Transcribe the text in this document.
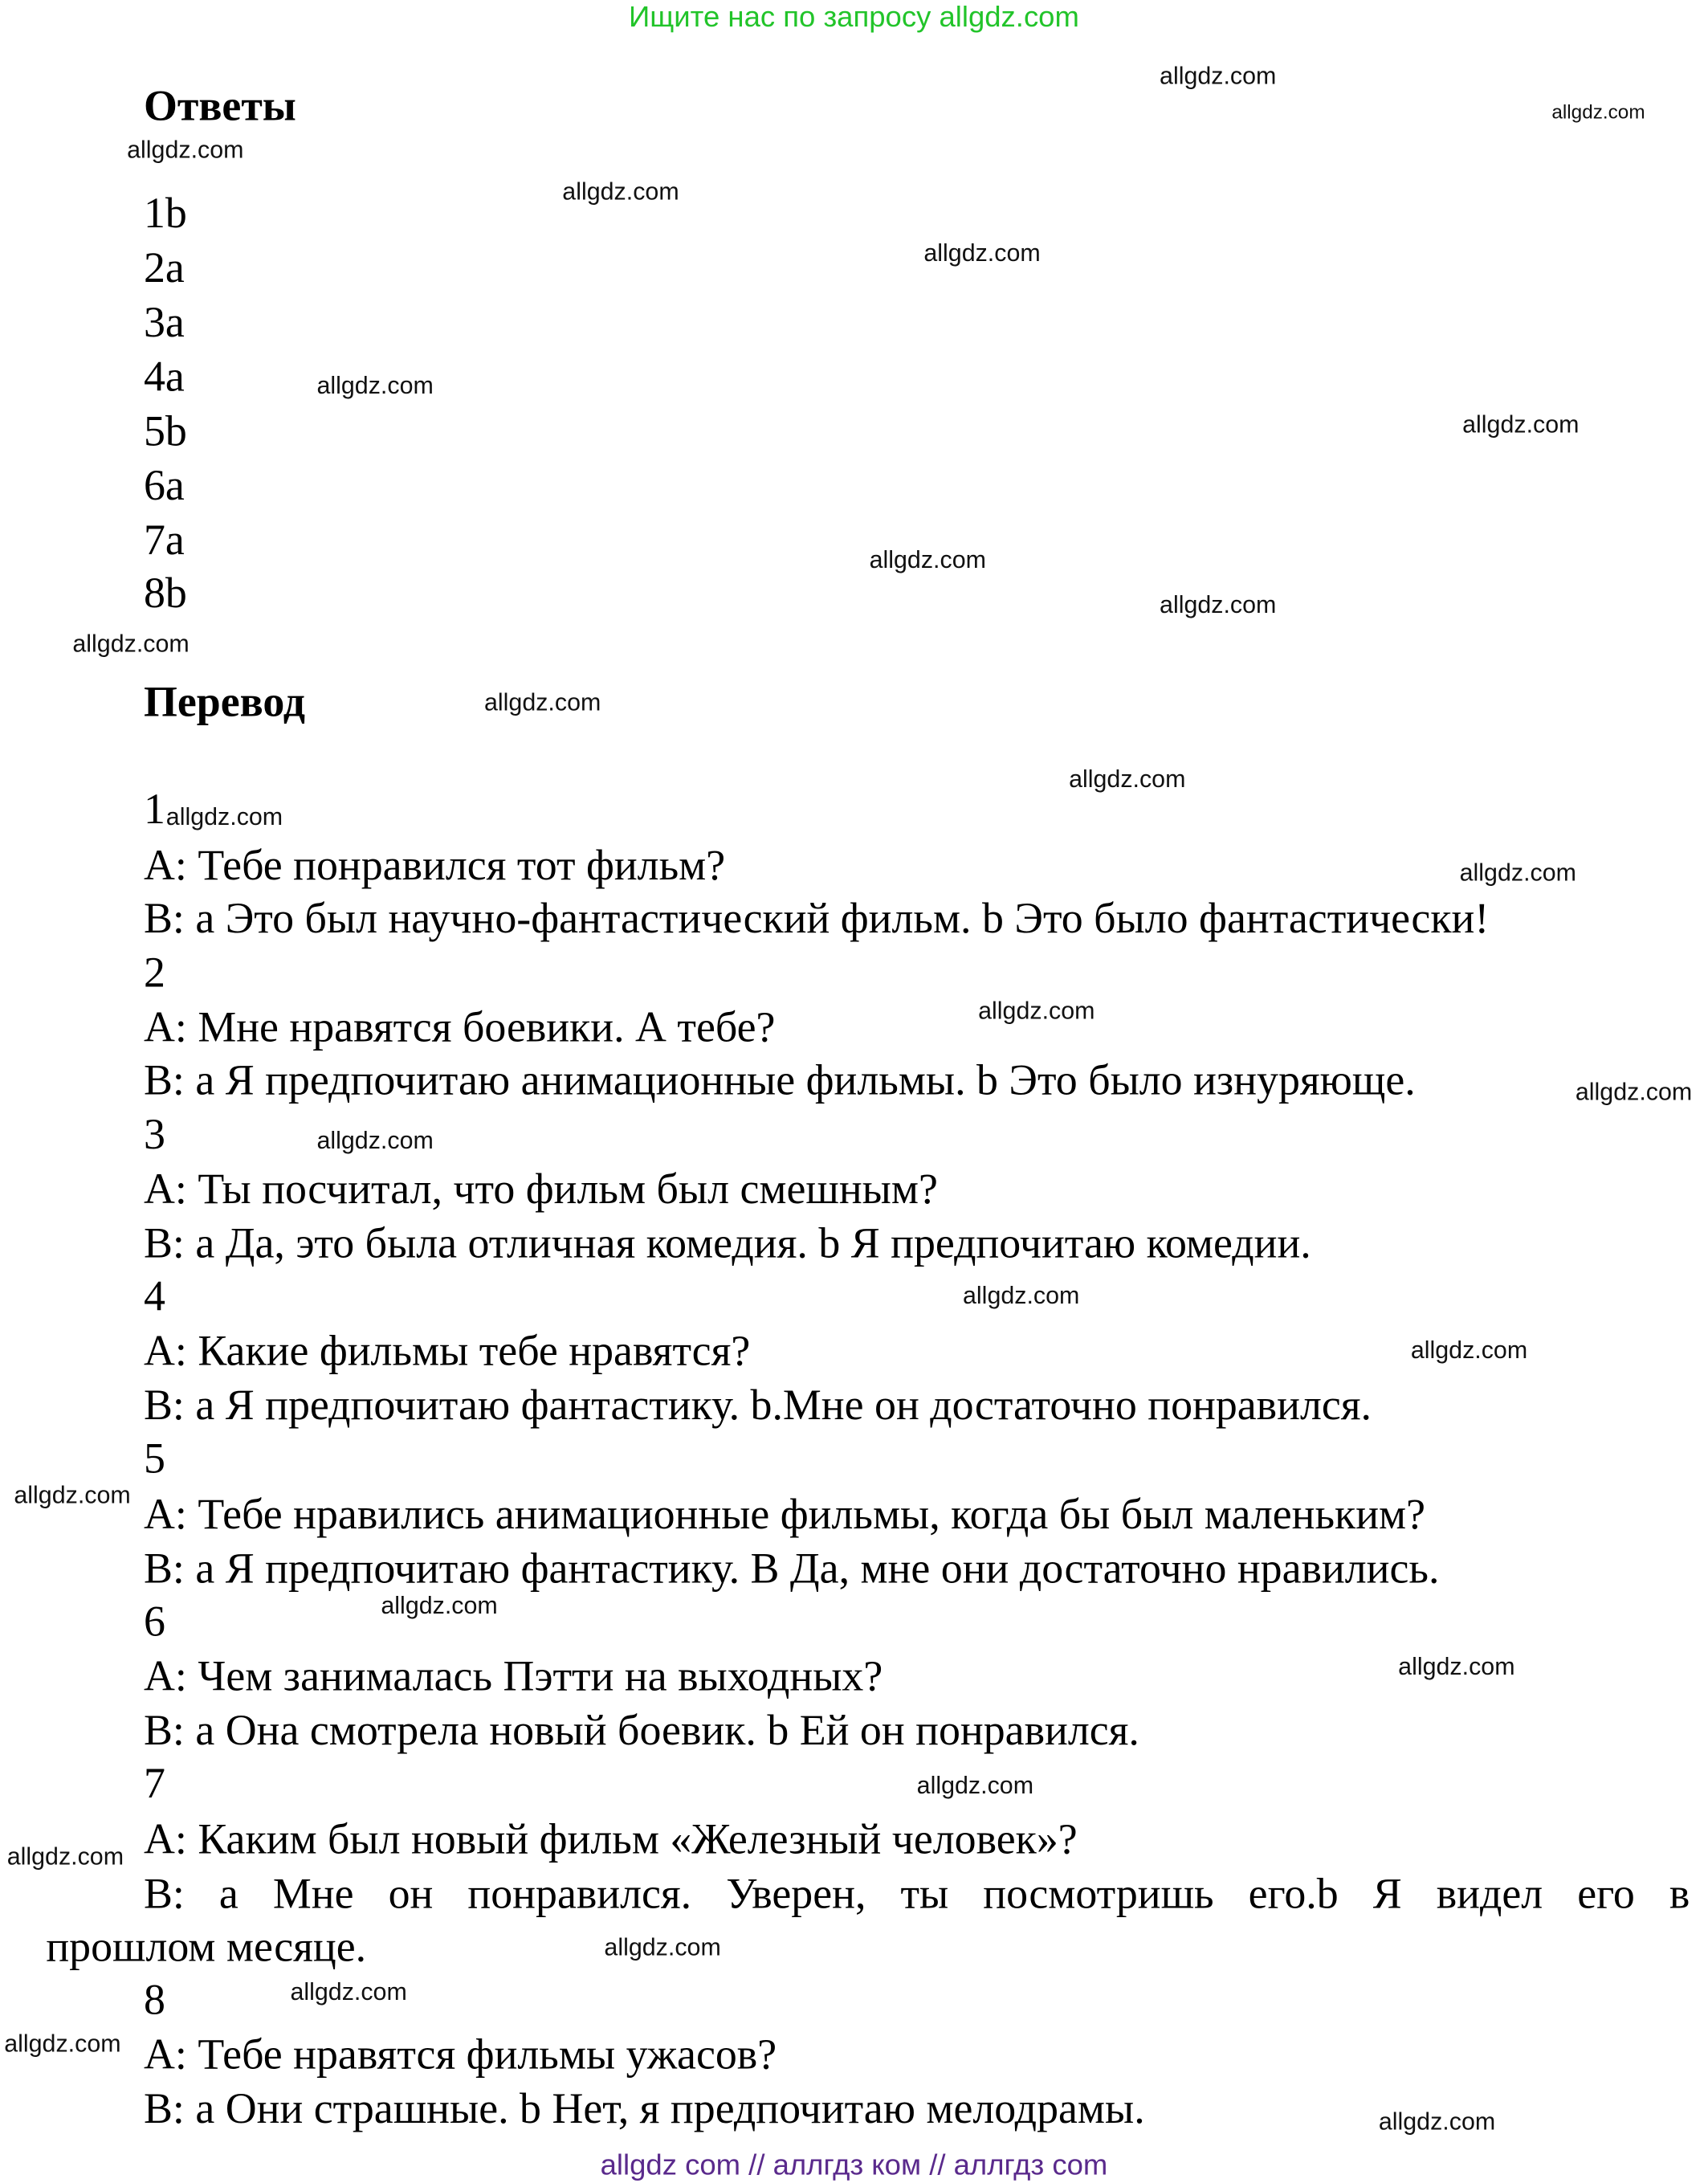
Ищите нас по запросу allgdz.com
Ответы
1b
2a
3a
4a
5b
6a
7a
8b
Перевод
1
A: Тебе понравился тот фильм?
B: a Это был научно-фантастический фильм. b Это было фантастически!
2
A: Мне нравятся боевики. А тебе?
B: a Я предпочитаю анимационные фильмы. b Это было изнуряюще.
3
A: Ты посчитал, что фильм был смешным?
B: a Да, это была отличная комедия. b Я предпочитаю комедии.
4
A: Какие фильмы тебе нравятся?
B: a Я предпочитаю фантастику. b.Мне он достаточно понравился.
5
A: Тебе нравились анимационные фильмы, когда бы был маленьким?
B: a Я предпочитаю фантастику. В Да, мне они достаточно нравились.
6
A: Чем занималась Пэтти на выходных?
B: a Она смотрела новый боевик. b Ей он понравился.
7
A: Каким был новый фильм «Железный человек»?
B: a Мне он понравился. Уверен, ты посмотришь его.b Я видел его в
прошлом месяце.
8
A: Тебе нравятся фильмы ужасов?
B: a Они страшные. b Нет, я предпочитаю мелодрамы.
allgdz.com
allgdz.com
allgdz.com
allgdz.com
allgdz.com
allgdz.com
allgdz.com
allgdz.com
allgdz.com
allgdz.com
allgdz.com
allgdz.com
allgdz.com
allgdz.com
allgdz.com
allgdz.com
allgdz.com
allgdz.com
allgdz.com
allgdz.com
allgdz.com
allgdz.com
allgdz.com
allgdz.com
allgdz.com
allgdz.com
allgdz.com
allgdz.com
allgdz com // аллгдз ком // аллгдз com
